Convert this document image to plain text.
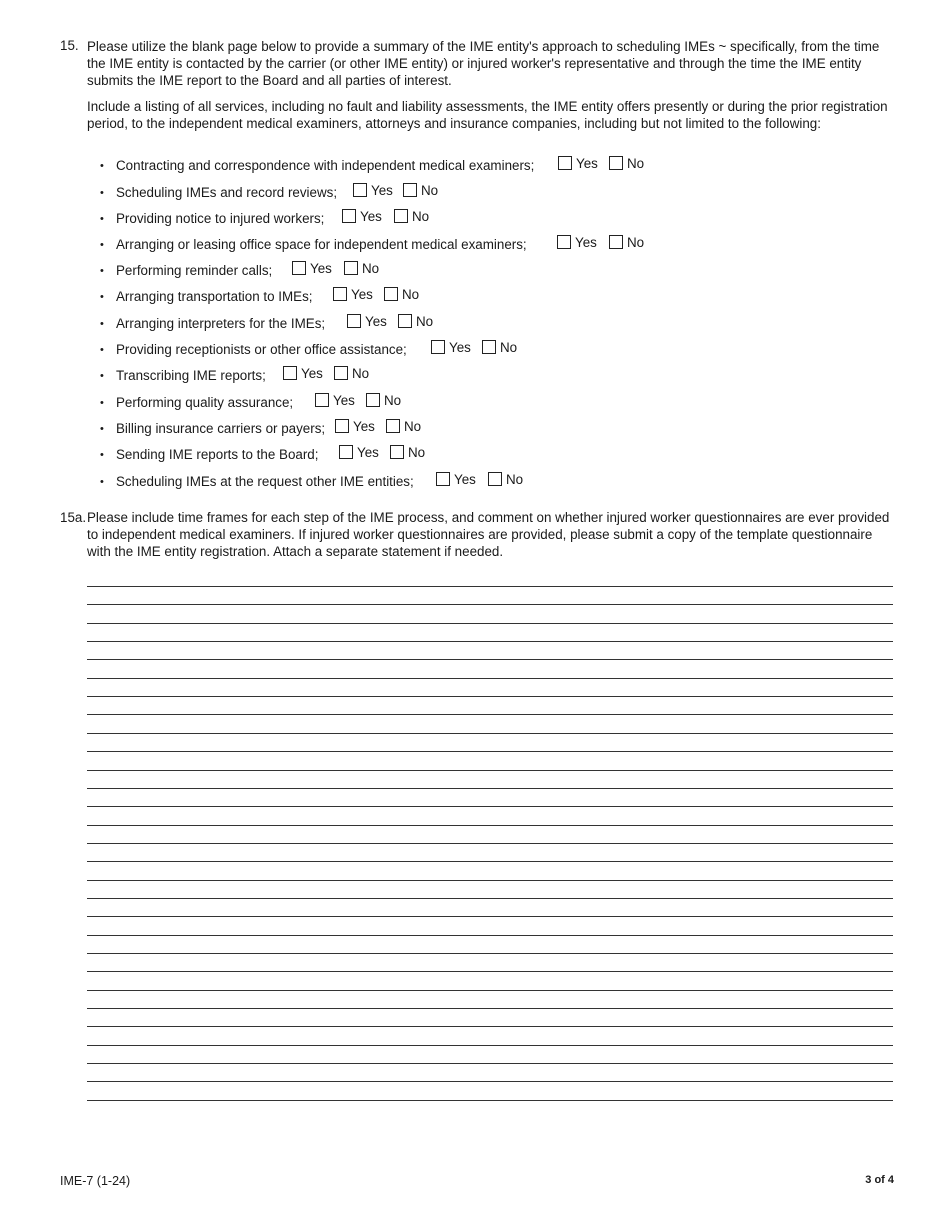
15. Please utilize the blank page below to provide a summary of the IME entity's approach to scheduling IMEs ~ specifically, from the time the IME entity is contacted by the carrier (or other IME entity) or injured worker's representative and through the time the IME entity submits the IME report to the Board and all parties of interest.

Include a listing of all services, including no fault and liability assessments, the IME entity offers presently or during the prior registration period, to the independent medical examiners, attorneys and insurance companies, including but not limited to the following:

• Contracting and correspondence with independent medical examiners;	Yes	No
• Scheduling IMEs and record reviews;	Yes	No
• Providing notice to injured workers;	Yes	No
• Arranging or leasing office space for independent medical examiners;	Yes	No
• Performing reminder calls;	Yes	No
• Arranging transportation to IMEs;	Yes	No
• Arranging interpreters for the IMEs;	Yes	No
• Providing receptionists or other office assistance;	Yes	No
• Transcribing IME reports;	Yes	No
• Performing quality assurance;	Yes	No
• Billing insurance carriers or payers;	Yes	No
• Sending IME reports to the Board;	Yes	No
• Scheduling IMEs at the request other IME entities;	Yes	No
15a. Please include time frames for each step of the IME process, and comment on whether injured worker questionnaires are ever provided to independent medical examiners. If injured worker questionnaires are provided, please submit a copy of the template questionnaire with the IME entity registration. Attach a separate statement if needed.
IME-7 (1-24)	3 of 4
